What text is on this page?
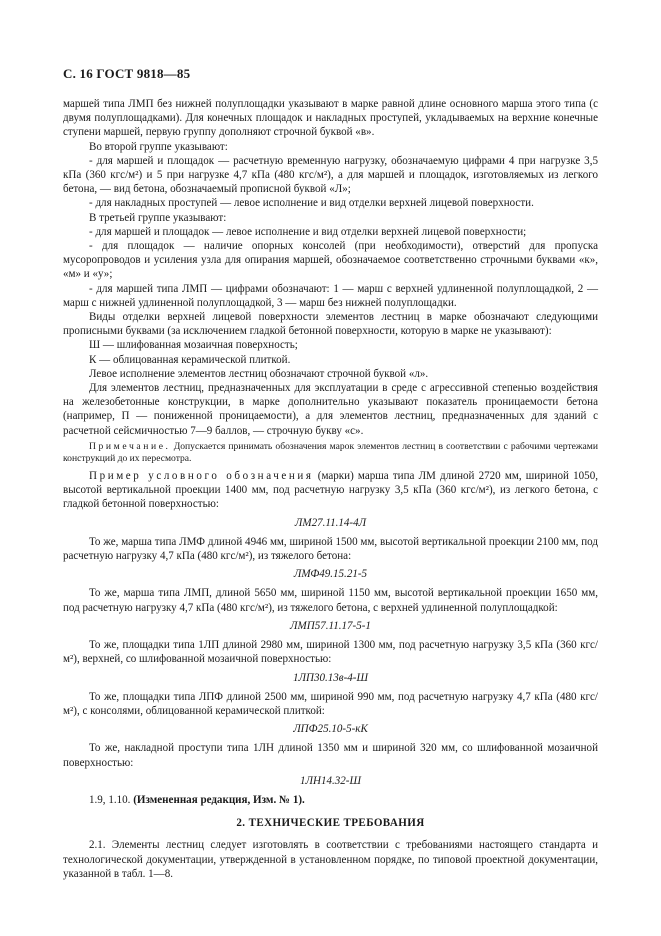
С. 16 ГОСТ 9818—85

маршей типа ЛМП без нижней полуплощадки указывают в марке равной длине основного марша этого типа (с двумя полуплощадками). Для конечных площадок и накладных проступей, укладываемых на верхние конечные ступени маршей, первую группу дополняют строчной буквой «в».

Во второй группе указывают:

- для маршей и площадок — расчетную временную нагрузку, обозначаемую цифрами 4 при нагрузке 3,5 кПа (360 кгс/м²) и 5 при нагрузке 4,7 кПа (480 кгс/м²), а для маршей и площадок, изготовляемых из легкого бетона, — вид бетона, обозначаемый прописной буквой «Л»;

- для накладных проступей — левое исполнение и вид отделки верхней лицевой поверхности.

В третьей группе указывают:

- для маршей и площадок — левое исполнение и вид отделки верхней лицевой поверхности;

- для площадок — наличие опорных консолей (при необходимости), отверстий для пропуска мусоропроводов и усиления узла для опирания маршей, обозначаемое соответственно строчными буквами «к», «м» и «у»;

- для маршей типа ЛМП — цифрами обозначают: 1 — марш с верхней удлиненной полуплощадкой, 2 — марш с нижней удлиненной полуплощадкой, 3 — марш без нижней полуплощадки.

Виды отделки верхней лицевой поверхности элементов лестниц в марке обозначают следующими прописными буквами (за исключением гладкой бетонной поверхности, которую в марке не указывают):

Ш — шлифованная мозаичная поверхность;

К — облицованная керамической плиткой.

Левое исполнение элементов лестниц обозначают строчной буквой «л».

Для элементов лестниц, предназначенных для эксплуатации в среде с агрессивной степенью воздействия на железобетонные конструкции, в марке дополнительно указывают показатель проницаемости бетона (например, П — пониженной проницаемости), а для элементов лестниц, предназначенных для зданий с расчетной сейсмичностью 7—9 баллов, — строчную букву «с».

Примечание. Допускается принимать обозначения марок элементов лестниц в соответствии с рабочими чертежами конструкций до их пересмотра.

Пример условного обозначения (марки) марша типа ЛМ длиной 2720 мм, шириной 1050, высотой вертикальной проекции 1400 мм, под расчетную нагрузку 3,5 кПа (360 кгс/м²), из легкого бетона, с гладкой бетонной поверхностью:

ЛМ27.11.14-4Л

То же, марша типа ЛМФ длиной 4946 мм, шириной 1500 мм, высотой вертикальной проекции 2100 мм, под расчетную нагрузку 4,7 кПа (480 кгс/м²), из тяжелого бетона:

ЛМФ49.15.21-5

То же, марша типа ЛМП, длиной 5650 мм, шириной 1150 мм, высотой вертикальной проекции 1650 мм, под расчетную нагрузку 4,7 кПа (480 кгс/м²), из тяжелого бетона, с верхней удлиненной полуплощадкой:

ЛМП57.11.17-5-1

То же, площадки типа 1ЛП длиной 2980 мм, шириной 1300 мм, под расчетную нагрузку 3,5 кПа (360 кгс/м²), верхней, со шлифованной мозаичной поверхностью:

1ЛП30.13в-4-Ш

То же, площадки типа ЛПФ длиной 2500 мм, шириной 990 мм, под расчетную нагрузку 4,7 кПа (480 кгс/м²), с консолями, облицованной керамической плиткой:

ЛПФ25.10-5-кК

То же, накладной проступи типа 1ЛН длиной 1350 мм и шириной 320 мм, со шлифованной мозаичной поверхностью:

1ЛН14.32-Ш

1.9, 1.10. (Измененная редакция, Изм. № 1).

2. ТЕХНИЧЕСКИЕ ТРЕБОВАНИЯ

2.1. Элементы лестниц следует изготовлять в соответствии с требованиями настоящего стандарта и технологической документации, утвержденной в установленном порядке, по типовой проектной документации, указанной в табл. 1—8.
